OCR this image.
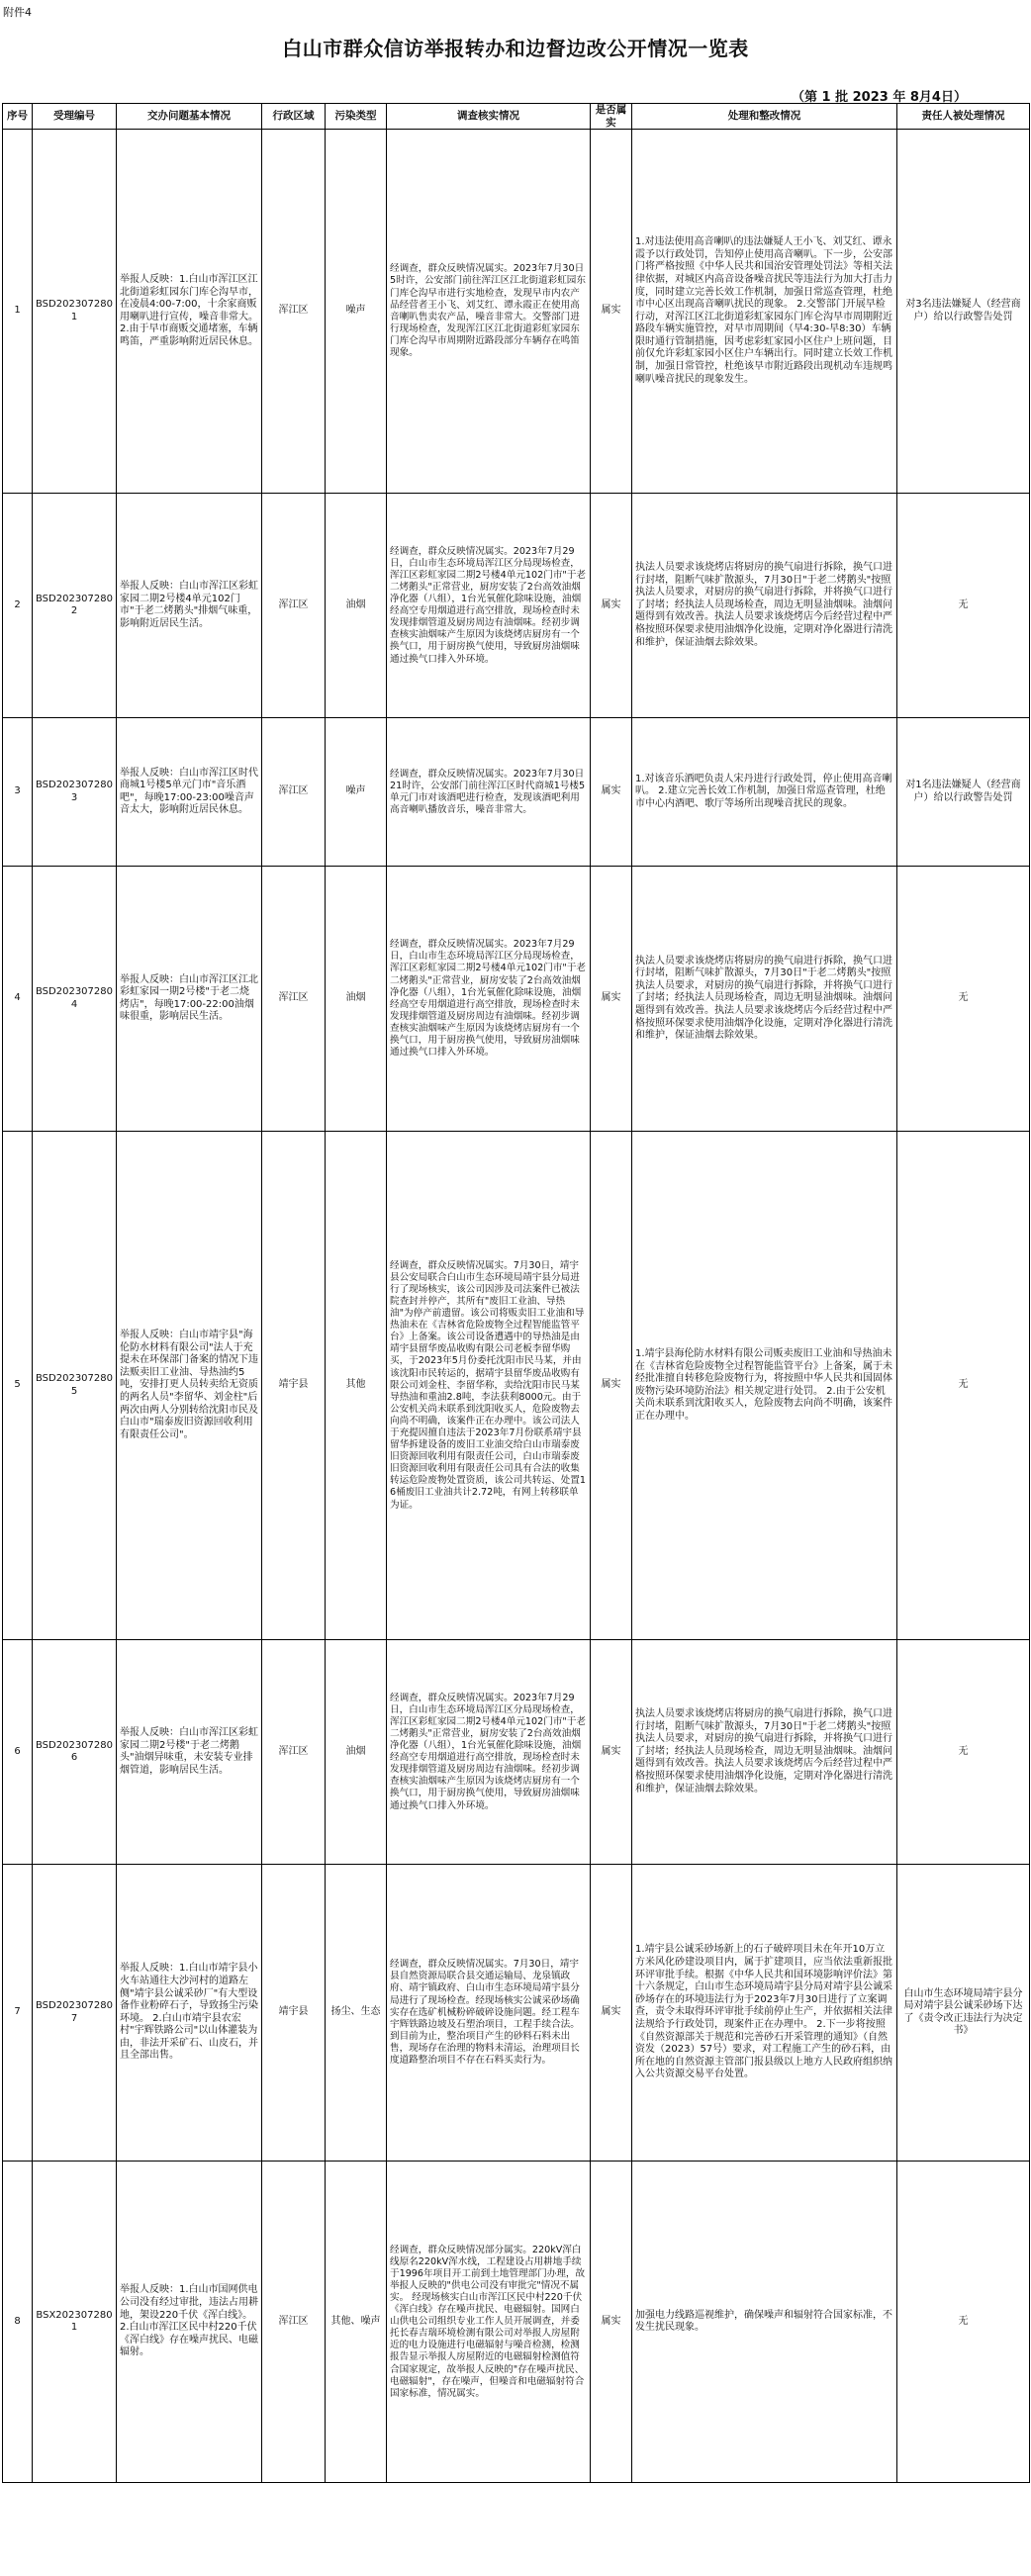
附件4
白山市群众信访举报转办和边督边改公开情况一览表
（第 1 批 2023 年 8月4日）
序号	受理编号	交办问题基本情况	行政区域	污染类型	调查核实情况	是否属实	处理和整改情况	责任人被处理情况
1	BSD2023072801	举报人反映：1.白山市浑江区江北街道彩虹园东门库仑沟早市，在凌晨4:00-7:00，十余家商贩用喇叭进行宣传，噪音非常大。 2.由于早市商贩交通堵塞，车辆鸣笛，严重影响附近居民休息。	浑江区	噪声	经调查，群众反映情况属实。2023年7月30日5时许，公安部门前往浑江区江北街道彩虹园东门库仑沟早市进行实地检查，发现早市内农产品经营者王小飞、刘艾红、谭永霞正在使用高音喇叭售卖农产品，噪音非常大。交警部门进行现场检查，发现浑江区江北街道彩虹家园东门库仑沟早市周期附近路段部分车辆存在鸣笛现象。	属实	1.对违法使用高音喇叭的违法嫌疑人王小飞、刘艾红、谭永霞予以行政处罚，告知停止使用高音喇叭。下一步，公安部门将严格按照《中华人民共和国治安管理处罚法》等相关法律依据，对城区内高音设备噪音扰民等违法行为加大打击力度，同时建立完善长效工作机制，加强日常巡查管理，杜绝市中心区出现高音喇叭扰民的现象。 2.交警部门开展早检行动，对浑江区江北街道彩虹家园东门库仑沟早市周期附近路段车辆实施管控，对早市周期间（早4:30-早8:30）车辆限时通行管制措施，因考虑彩虹家园小区住户上班问题，目前仅允许彩虹家园小区住户车辆出行。同时建立长效工作机制，加强日常管控，杜绝该早市附近路段出现机动车违规鸣喇叭噪音扰民的现象发生。	对3名违法嫌疑人（经营商户）给以行政警告处罚
2	BSD2023072802	举报人反映：白山市浑江区彩虹家园二期2号楼4单元102门市"于老二烤鹅头"排烟气味重，影响附近居民生活。	浑江区	油烟	经调查，群众反映情况属实。2023年7月29日，白山市生态环境局浑江区分局现场检查，浑江区彩虹家园二期2号楼4单元102门市"于老二烤鹅头"正常营业，厨房安装了2台高效油烟净化器（八组），1台光氧催化除味设施，油烟经高空专用烟道进行高空排放，现场检查时未发现排烟管道及厨房周边有油烟味。经初步调查核实油烟味产生原因为该烧烤店厨房有一个换气口，用于厨房换气使用，导致厨房油烟味通过换气口排入外环境。	属实	执法人员要求该烧烤店将厨房的换气扇进行拆除，换气口进行封堵，阻断气味扩散源头，7月30日"于老二烤鹅头"按照执法人员要求，对厨房的换气扇进行拆除，并将换气口进行了封堵；经执法人员现场检查，周边无明显油烟味。油烟问题得到有效改善。执法人员要求该烧烤店今后经营过程中严格按照环保要求使用油烟净化设施，定期对净化器进行清洗和维护，保证油烟去除效果。	无
3	BSD2023072803	举报人反映：白山市浑江区时代商城1号楼5单元门市"音乐酒吧"，每晚17:00-23:00噪音声音太大，影响附近居民休息。	浑江区	噪声	经调查，群众反映情况属实。2023年7月30日21时许，公安部门前往浑江区时代商城1号楼5单元门市对该酒吧进行检查，发现该酒吧利用高音喇叭播放音乐，噪音非常大。	属实	1.对该音乐酒吧负责人宋丹进行行政处罚，停止使用高音喇叭。 2.建立完善长效工作机制，加强日常巡查管理，杜绝市中心内酒吧、歌厅等场所出现噪音扰民的现象。	对1名违法嫌疑人（经营商户）给以行政警告处罚
4	BSD2023072804	举报人反映：白山市浑江区江北彩虹家园一期2号楼"于老二烧烤店"，每晚17:00-22:00油烟味很重，影响居民生活。	浑江区	油烟	经调查，群众反映情况属实。2023年7月29日，白山市生态环境局浑江区分局现场检查，浑江区彩虹家园二期2号楼4单元102门市"于老二烤鹅头"正常营业，厨房安装了2台高效油烟净化器（八组），1台光氧催化除味设施，油烟经高空专用烟道进行高空排放，现场检查时未发现排烟管道及厨房周边有油烟味。经初步调查核实油烟味产生原因为该烧烤店厨房有一个换气口，用于厨房换气使用，导致厨房油烟味通过换气口排入外环境。	属实	执法人员要求该烧烤店将厨房的换气扇进行拆除，换气口进行封堵，阻断气味扩散源头，7月30日"于老二烤鹅头"按照执法人员要求，对厨房的换气扇进行拆除，并将换气口进行了封堵；经执法人员现场检查，周边无明显油烟味。油烟问题得到有效改善。执法人员要求该烧烤店今后经营过程中严格按照环保要求使用油烟净化设施，定期对净化器进行清洗和维护，保证油烟去除效果。	无
5	BSD2023072805	举报人反映：白山市靖宇县"海伦防水材料有限公司"法人于充提未在环保部门备案的情况下违法贩卖旧工业油、导热油约5吨，安排打更人员转卖给无资质的两名人员"李留华、刘金柱"后两次由两人分别转给沈阳市民及白山市"瑞泰废旧资源回收利用有限责任公司"。	靖宇县	其他	经调查，群众反映情况属实。7月30日，靖宇县公安局联合白山市生态环境局靖宇县分局进行了现场核实，该公司因涉及司法案件已被法院查封并停产，其所有"废旧工业油、导热油"为停产前遗留。该公司将贩卖旧工业油和导热油未在《吉林省危险废物全过程智能监管平台》上备案。该公司设备遭遇中的导热油是由靖宇县留华废品收购有限公司老板李留华购买，于2023年5月份委托沈阳市民马某，并由该沈阳市民转运的，据靖宇县留华废品收购有限公司刘金柱、李留华称，卖给沈阳市民马某导热油和重油2.8吨，李法获利8000元。由于公安机关尚未联系到沈阳收买人，危险废物去向尚不明确，该案件正在办理中。该公司法人于充提因擅自违法于2023年7月份联系靖宇县留华拆建设备的废旧工业油交给白山市瑞泰废旧资源回收利用有限责任公司，白山市瑞泰废旧资源回收利用有限责任公司具有合法的收集转运危险废物处置资质，该公司共转运、处置16桶废旧工业油共计2.72吨，有网上转移联单为证。	属实	1.靖宇县海伦防水材料有限公司贩卖废旧工业油和导热油未在《吉林省危险废物全过程智能监管平台》上备案，属于未经批准擅自转移危险废物行为，将按照中华人民共和国固体废物污染环境防治法》相关规定进行处罚。 2.由于公安机关尚未联系到沈阳收买人，危险废物去向尚不明确，该案件正在办理中。	无
6	BSD2023072806	举报人反映：白山市浑江区彩虹家园二期2号楼"于老二烤鹅头"油烟异味重，未安装专业排烟管道，影响居民生活。	浑江区	油烟	经调查，群众反映情况属实。2023年7月29日，白山市生态环境局浑江区分局现场检查，浑江区彩虹家园二期2号楼4单元102门市"于老二烤鹅头"正常营业，厨房安装了2台高效油烟净化器（八组），1台光氧催化除味设施，油烟经高空专用烟道进行高空排放，现场检查时未发现排烟管道及厨房周边有油烟味。经初步调查核实油烟味产生原因为该烧烤店厨房有一个换气口，用于厨房换气使用，导致厨房油烟味通过换气口排入外环境。	属实	执法人员要求该烧烤店将厨房的换气扇进行拆除，换气口进行封堵，阻断气味扩散源头，7月30日"于老二烤鹅头"按照执法人员要求，对厨房的换气扇进行拆除，并将换气口进行了封堵；经执法人员现场检查，周边无明显油烟味。油烟问题得到有效改善。执法人员要求该烧烤店今后经营过程中严格按照环保要求使用油烟净化设施，定期对净化器进行清洗和维护，保证油烟去除效果。	无
7	BSD2023072807	举报人反映：1.白山市靖宇县小火车站通往大沙河村的道路左侧"靖宇县公诚采砂厂"有大型设备作业粉碎石子，导致扬尘污染环境。 2.白山市靖宇县农宏村"宇辉铁路公司"以山体灌装为由，非法开采矿石、山皮石，并且全部出售。	靖宇县	扬尘、生态	经调查，群众反映情况属实。7月30日，靖宇县自然资源局联合县交通运输局、龙泉镇政府、靖宇镇政府、白山市生态环境局靖宇县分局进行了现场检查。经现场核实公诚采砂场确实存在选矿机械粉碎破碎设施问题。经工程车宇辉铁路边坡及石塑治项目，工程手续合法。到目前为止，整治项目产生的砂料石料未出售，现场存在治理的物料未清运，治理项目长度道路整治项目不存在石料买卖行为。	属实	1.靖宇县公诚采砂场新上的石子破碎项目未在年开10万立方米风化砂建设项目内，属于扩建项目，应当依法重新报批环评审批手续。根据《中华人民共和国环境影响评价法》第十六条规定，白山市生态环境局靖宇县分局对靖宇县公诚采砂场存在的环境违法行为于2023年7月30日进行了立案调查，责令未取得环评审批手续前停止生产，并依据相关法律法规给予行政处罚，现案件正在办理中。 2.下一步将按照《自然资源部关于规范和完善砂石开采管理的通知》（自然资发（2023）57号）要求，对工程施工产生的砂石料，由所在地的自然资源主管部门报县级以上地方人民政府组织纳入公共资源交易平台处置。	白山市生态环境局靖宇县分局对靖宇县公诚采砂场下达了《责令改正违法行为决定书》
8	BSX2023072801	举报人反映：1.白山市国网供电公司没有经过审批，违法占用耕地，架设220千伏《浑白线》。 2.白山市浑江区民中村220千伏《浑白线》存在噪声扰民、电磁辐射。	浑江区	其他、噪声	经调查，群众反映情况部分属实。220kV浑白线原名220kV浑水线，工程建设占用耕地手续于1996年项目开工前到土地管理部门办理，故举报人反映的"供电公司没有审批完"情况不属实。 经现场核实白山市浑江区民中村220千伏《浑白线》存在噪声扰民、电磁辐射。国网白山供电公司组织专业工作人员开展调查，并委托长春吉瑞环境检测有限公司对举报人房屋附近的电力设施进行电磁辐射与噪音检测，检测报告显示举报人房屋附近的电磁辐射检测值符合国家规定，故举报人反映的"存在噪声扰民、电磁辐射"，存在噪声，但噪音和电磁辐射符合国家标准，情况属实。	属实	加强电力线路巡视维护，确保噪声和辐射符合国家标准，不发生扰民现象。	无
